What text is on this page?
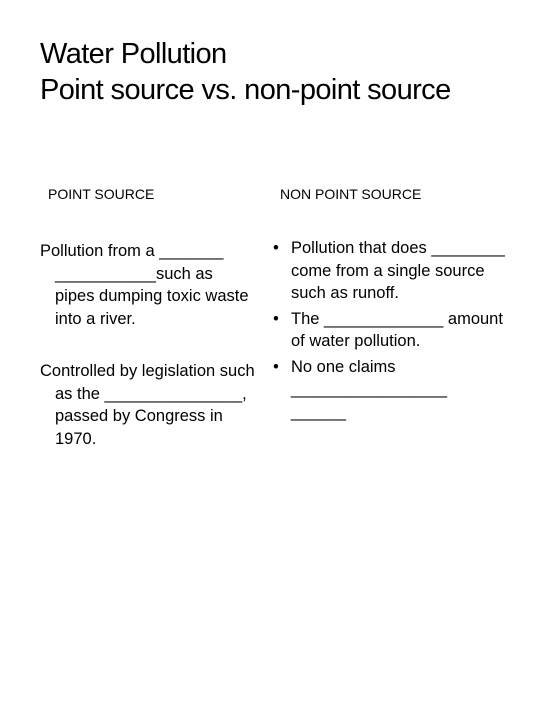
Water Pollution
Point source vs. non-point source
POINT SOURCE	NON POINT SOURCE
Pollution from a _______ ___________such as pipes dumping toxic waste into a river.
Controlled by legislation such as the _______________, passed by Congress in 1970.
• Pollution that does ________ come from a single source such as runoff.
• The _____________ amount of water pollution.
• No one claims _________________ ______
